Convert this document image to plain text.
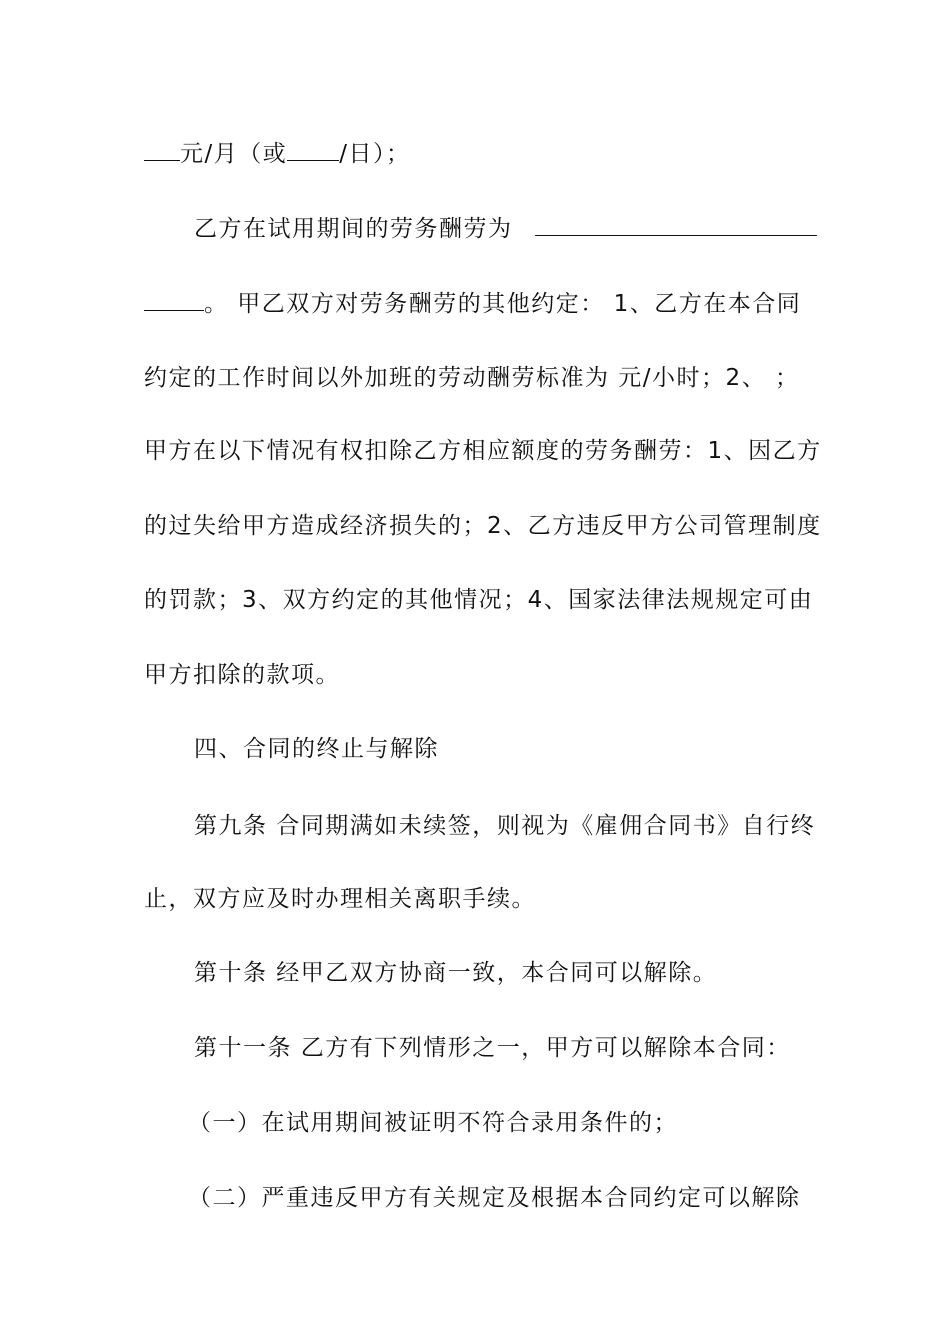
元/月（或 /日）；
乙方在试用期间的劳务酬劳为
。 甲乙双方对劳务酬劳的其他约定： 1、乙方在本合同
约定的工作时间以外加班的劳动酬劳标准为 元/小时；2、 ；
甲方在以下情况有权扣除乙方相应额度的劳务酬劳：1、因乙方
的过失给甲方造成经济损失的；2、乙方违反甲方公司管理制度
的罚款；3、双方约定的其他情况；4、国家法律法规规定可由
甲方扣除的款项。
四、合同的终止与解除
第九条 合同期满如未续签，则视为《雇佣合同书》自行终
止，双方应及时办理相关离职手续。
第十条 经甲乙双方协商一致，本合同可以解除。
第十一条 乙方有下列情形之一，甲方可以解除本合同：
（一）在试用期间被证明不符合录用条件的；
（二）严重违反甲方有关规定及根据本合同约定可以解除
